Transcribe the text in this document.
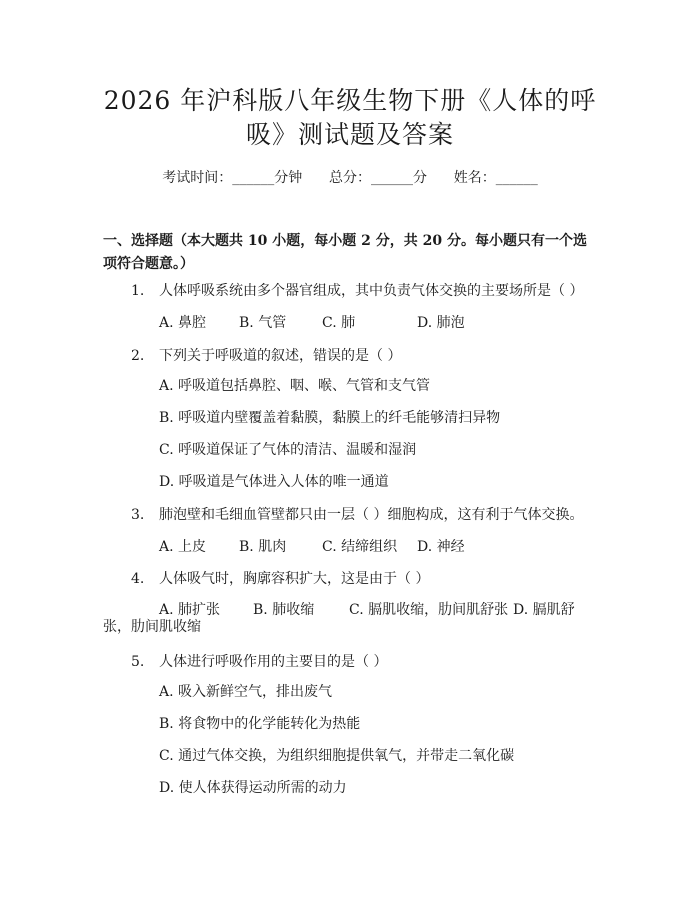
2026 年沪科版八年级生物下册《人体的呼
吸》测试题及答案
考试时间：______分钟      总分：______分      姓名：______
一、选择题（本大题共 10 小题，每小题 2 分，共 20 分。每小题只有一个选项符合题意。）
1. 人体呼吸系统由多个器官组成，其中负责气体交换的主要场所是（ ）
A. 鼻腔 B. 气管	C. 肺	D. 肺泡
2. 下列关于呼吸道的叙述，错误的是（ ）
A. 呼吸道包括鼻腔、咽、喉、气管和支气管
B. 呼吸道内壁覆盖着黏膜，黏膜上的纤毛能够清扫异物
C. 呼吸道保证了气体的清洁、温暖和湿润
D. 呼吸道是气体进入人体的唯一通道
3. 肺泡壁和毛细血管壁都只由一层（ ）细胞构成，这有利于气体交换。
A. 上皮 B. 肌肉	C. 结缔组织 D. 神经
4. 人体吸气时，胸廓容积扩大，这是由于（ ）
A. 肺扩张 B. 肺收缩 C. 膈肌收缩，肋间肌舒张 D. 膈肌舒
张，肋间肌收缩
5. 人体进行呼吸作用的主要目的是（ ）
A. 吸入新鲜空气，排出废气
B. 将食物中的化学能转化为热能
C. 通过气体交换，为组织细胞提供氧气，并带走二氧化碳
D. 使人体获得运动所需的动力
